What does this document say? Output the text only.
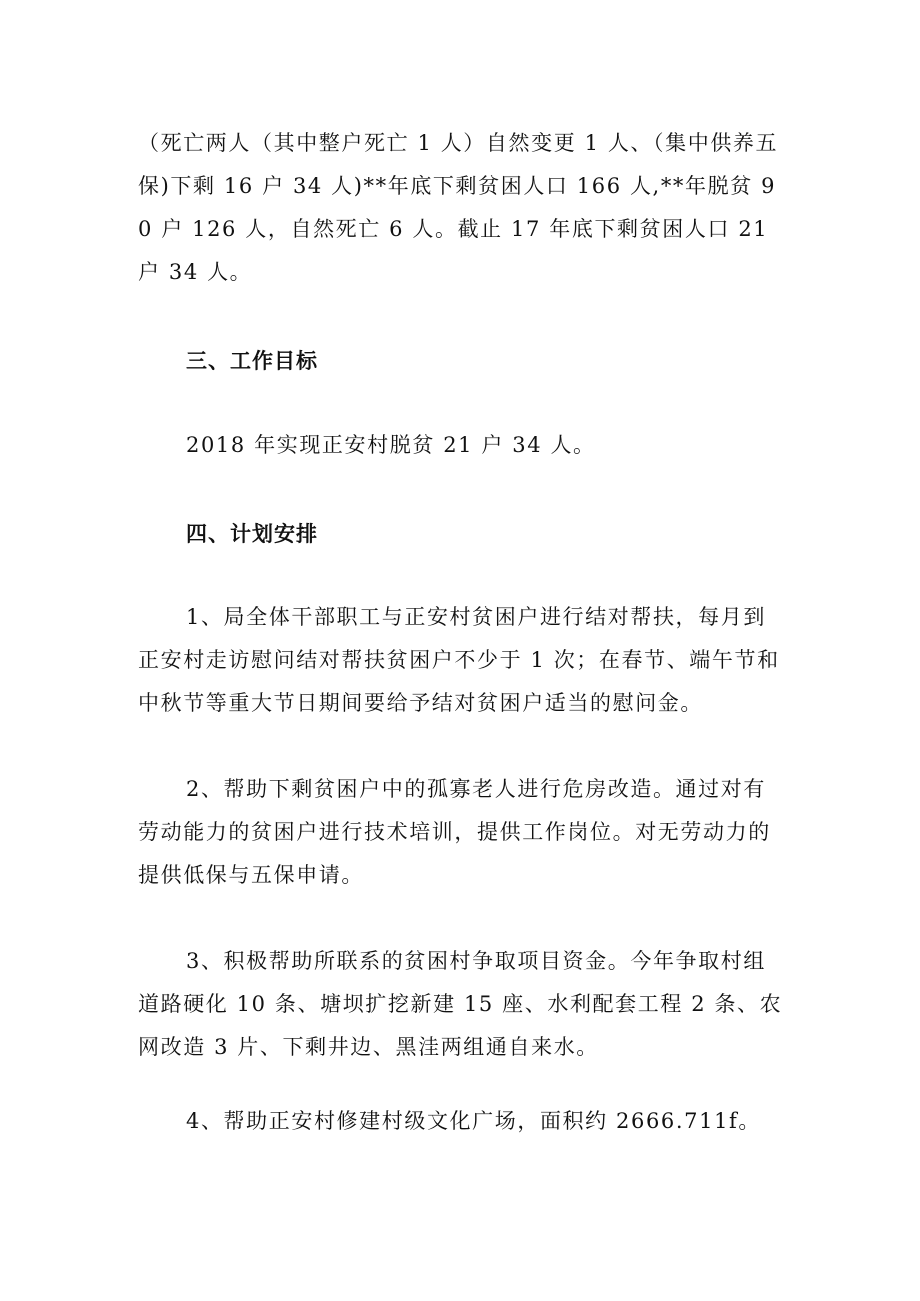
（死亡两人（其中整户死亡 1 人）自然变更 1 人、（集中供养五保)下剩 16 户 34 人)**年底下剩贫困人口 166 人,**年脱贫 90 户 126 人，自然死亡 6 人。截止 17 年底下剩贫困人口 21 户 34 人。

三、工作目标

2018 年实现正安村脱贫 21 户 34 人。

四、计划安排

1、局全体干部职工与正安村贫困户进行结对帮扶，每月到正安村走访慰问结对帮扶贫困户不少于 1 次；在春节、端午节和中秋节等重大节日期间要给予结对贫困户适当的慰问金。

2、帮助下剩贫困户中的孤寡老人进行危房改造。通过对有劳动能力的贫困户进行技术培训，提供工作岗位。对无劳动力的提供低保与五保申请。

3、积极帮助所联系的贫困村争取项目资金。今年争取村组道路硬化 10 条、塘坝扩挖新建 15 座、水利配套工程 2 条、农网改造 3 片、下剩井边、黑洼两组通自来水。

4、帮助正安村修建村级文化广场，面积约 2666.711f。
